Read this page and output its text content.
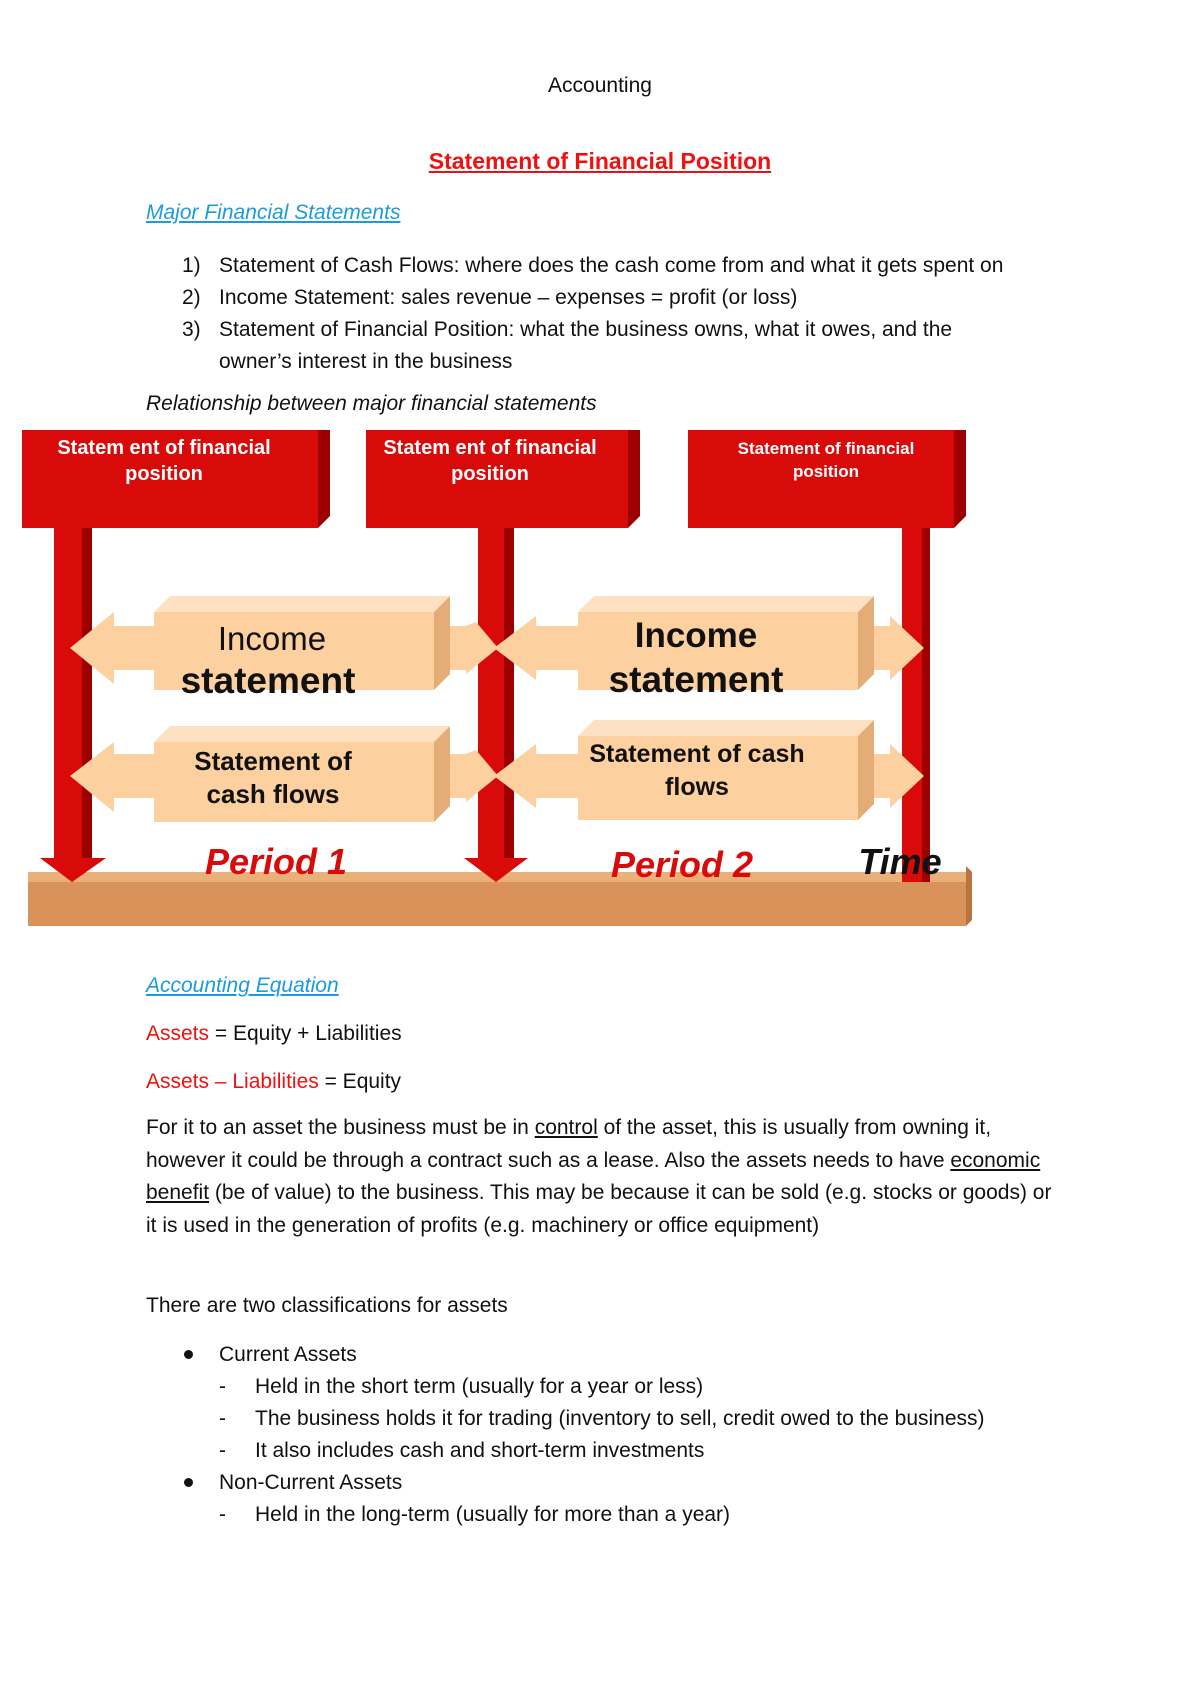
Accounting
Statement of Financial Position
Major Financial Statements
1) Statement of Cash Flows: where does the cash come from and what it gets spent on
2) Income Statement: sales revenue – expenses = profit (or loss)
3) Statement of Financial Position: what the business owns, what it owes, and the
owner’s interest in the business
Relationship between major financial statements
Statem ent of financial
position
Statem ent of financial
position
Statement of financial
position
Income
statement
Statement of
cash flows
Income
statement
Statement of cash
flows
Period 1	Period 2	Time
Accounting Equation
Assets = Equity + Liabilities
Assets – Liabilities = Equity
For it to an asset the business must be in control of the asset, this is usually from owning it, however it could be through a contract such as a lease. Also the assets needs to have economic benefit (be of value) to the business. This may be because it can be sold (e.g. stocks or goods) or it is used in the generation of profits (e.g. machinery or office equipment)
There are two classifications for assets
Current Assets
- Held in the short term (usually for a year or less)
- The business holds it for trading (inventory to sell, credit owed to the business)
- It also includes cash and short-term investments
Non-Current Assets
- Held in the long-term (usually for more than a year)
